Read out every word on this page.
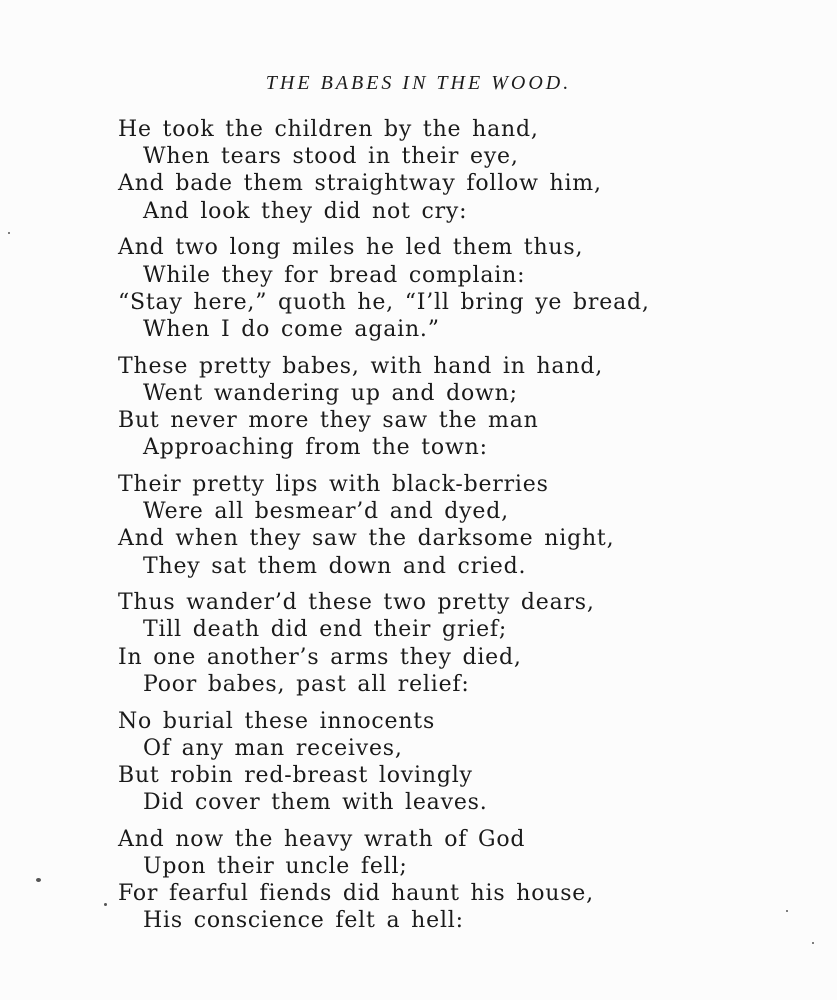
THE BABES IN THE WOOD.
He took the children by the hand,
When tears stood in their eye,
And bade them straightway follow him,
And look they did not cry:
And two long miles he led them thus,
While they for bread complain:
“Stay here,” quoth he, “I’ll bring ye bread,
When I do come again.”
These pretty babes, with hand in hand,
Went wandering up and down;
But never more they saw the man
Approaching from the town:
Their pretty lips with black-berries
Were all besmear’d and dyed,
And when they saw the darksome night,
They sat them down and cried.
Thus wander’d these two pretty dears,
Till death did end their grief;
In one another’s arms they died,
Poor babes, past all relief:
No burial these innocents
Of any man receives,
But robin red-breast lovingly
Did cover them with leaves.
And now the heavy wrath of God
Upon their uncle fell;
For fearful fiends did haunt his house,
His conscience felt a hell:
